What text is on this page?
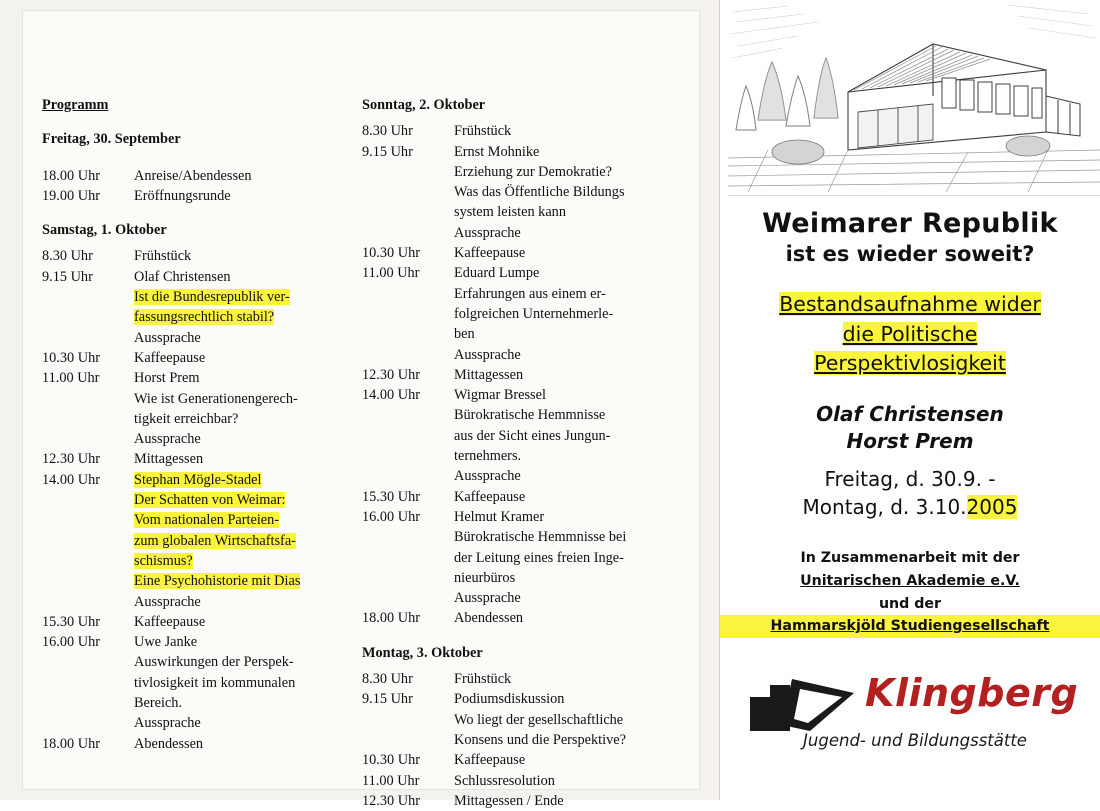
Programm
Freitag, 30. September
18.00 Uhr	Anreise/Abendessen
19.00 Uhr	Eröffnungsrunde
Samstag, 1. Oktober
8.30 Uhr	Frühstück
9.15 Uhr	Olaf Christensen
Ist die Bundesrepublik ver-
fassungsrechtlich stabil?
Aussprache
10.30 Uhr	Kaffeepause
11.00 Uhr	Horst Prem
Wie ist Generationengerech-
tigkeit erreichbar?
Aussprache
12.30 Uhr	Mittagessen
14.00 Uhr	Stephan Mögle-Stadel
Der Schatten von Weimar:
Vom nationalen Parteien-
zum globalen Wirtschaftsfa-
schismus?
Eine Psychohistorie mit Dias
Aussprache
15.30 Uhr	Kaffeepause
16.00 Uhr	Uwe Janke
Auswirkungen der Perspek-
tivlosigkeit im kommunalen
Bereich.
Aussprache
18.00 Uhr	Abendessen
Sonntag, 2. Oktober
8.30 Uhr	Frühstück
9.15 Uhr	Ernst Mohnike
Erziehung zur Demokratie?
Was das Öffentliche Bildungs
system leisten kann
Aussprache
10.30 Uhr	Kaffeepause
11.00 Uhr	Eduard Lumpe
Erfahrungen aus einem er-
folgreichen Unternehmerle-
ben
Aussprache
12.30 Uhr	Mittagessen
14.00 Uhr	Wigmar Bressel
Bürokratische Hemmnisse
aus der Sicht eines Jungun-
ternehmers.
Aussprache
15.30 Uhr	Kaffeepause
16.00 Uhr	Helmut Kramer
Bürokratische Hemmnisse bei
der Leitung eines freien Inge-
nieurbüros
Aussprache
18.00 Uhr	Abendessen
Montag, 3. Oktober
8.30 Uhr	Frühstück
9.15 Uhr	Podiumsdiskussion
Wo liegt der gesellschaftliche
Konsens und die Perspektive?
10.30 Uhr	Kaffeepause
11.00 Uhr	Schlussresolution
12.30 Uhr	Mittagessen / Ende
Weimarer Republik
ist es wieder soweit?
Bestandsaufnahme wider
die Politische
Perspektivlosigkeit
Olaf Christensen
Horst Prem
Freitag, d. 30.9. -
Montag, d. 3.10.2005
In Zusammenarbeit mit der
Unitarischen Akademie e.V.
und der
Hammarskjöld Studiengesellschaft
Klingberg
Jugend- und Bildungsstätte
